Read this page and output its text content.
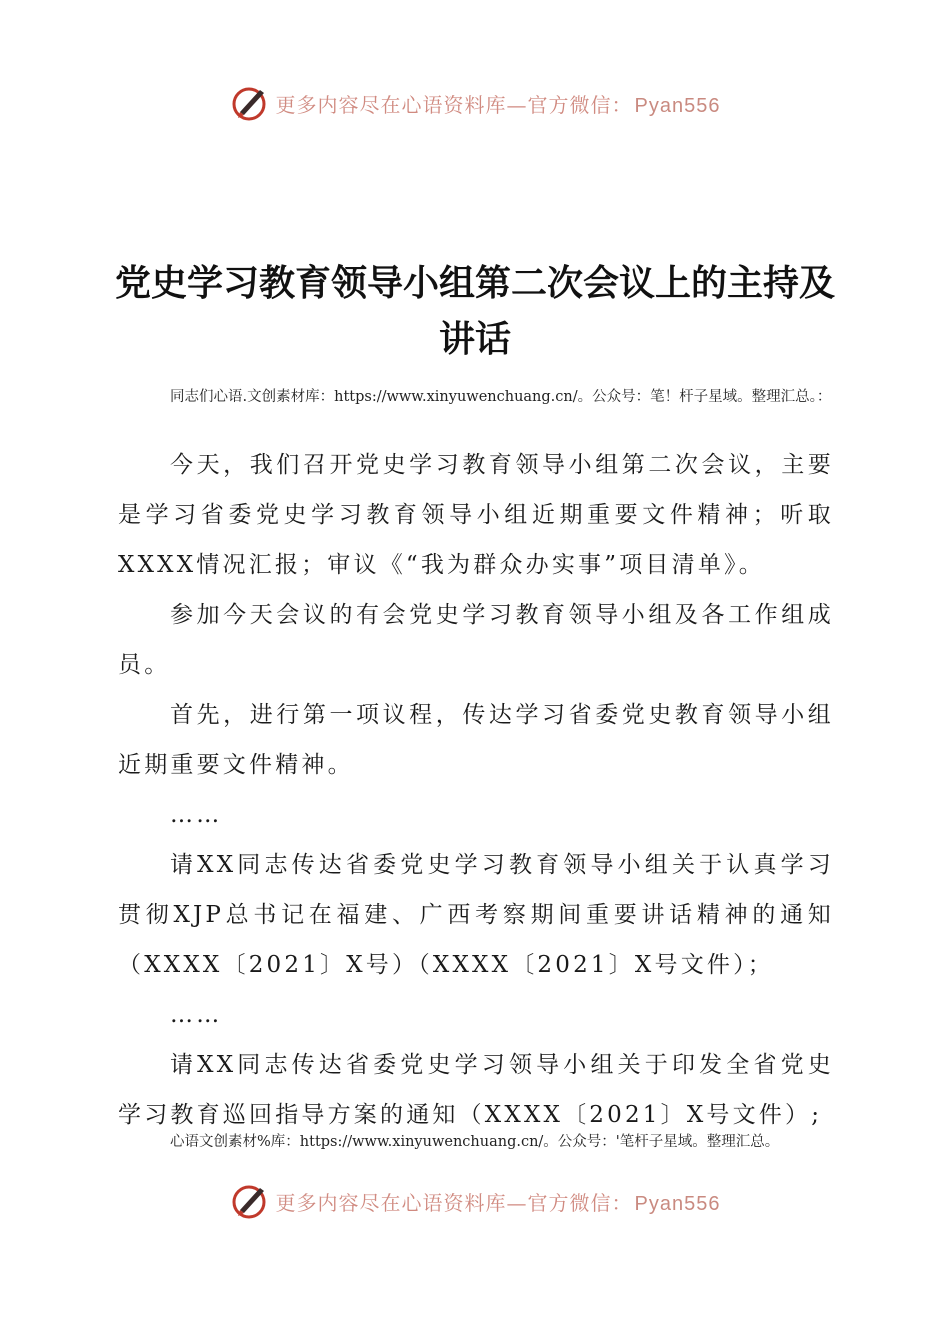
更多内容尽在心语资料库—官方微信： Pyan556
党史学习教育领导小组第二次会议上的主持及讲话
同志们心语.文创素材库：https://www.xinyuwenchuang.cn/。公众号：笔！杆子星域。整理汇总。：

今天，我们召开党史学习教育领导小组第二次会议，主要是学习省委党史学习教育领导小组近期重要文件精神；听取XXXX情况汇报；审议《“我为群众办实事”项目清单》。

参加今天会议的有会党史学习教育领导小组及各工作组成员。

首先，进行第一项议程，传达学习省委党史教育领导小组近期重要文件精神。

……

请XX同志传达省委党史学习教育领导小组关于认真学习贯彻XJP总书记在福建、广西考察期间重要讲话精神的通知（XXXX〔2021〕X号）（XXXX〔2021〕X号文件）；

……

请XX同志传达省委党史学习领导小组关于印发全省党史学习教育巡回指导方案的通知（XXXX〔2021〕X号文件）;

心语文创素材%库：https://www.xinyuwenchuang.cn/。公众号：'笔杆子星域。整理汇总。
更多内容尽在心语资料库—官方微信： Pyan556
